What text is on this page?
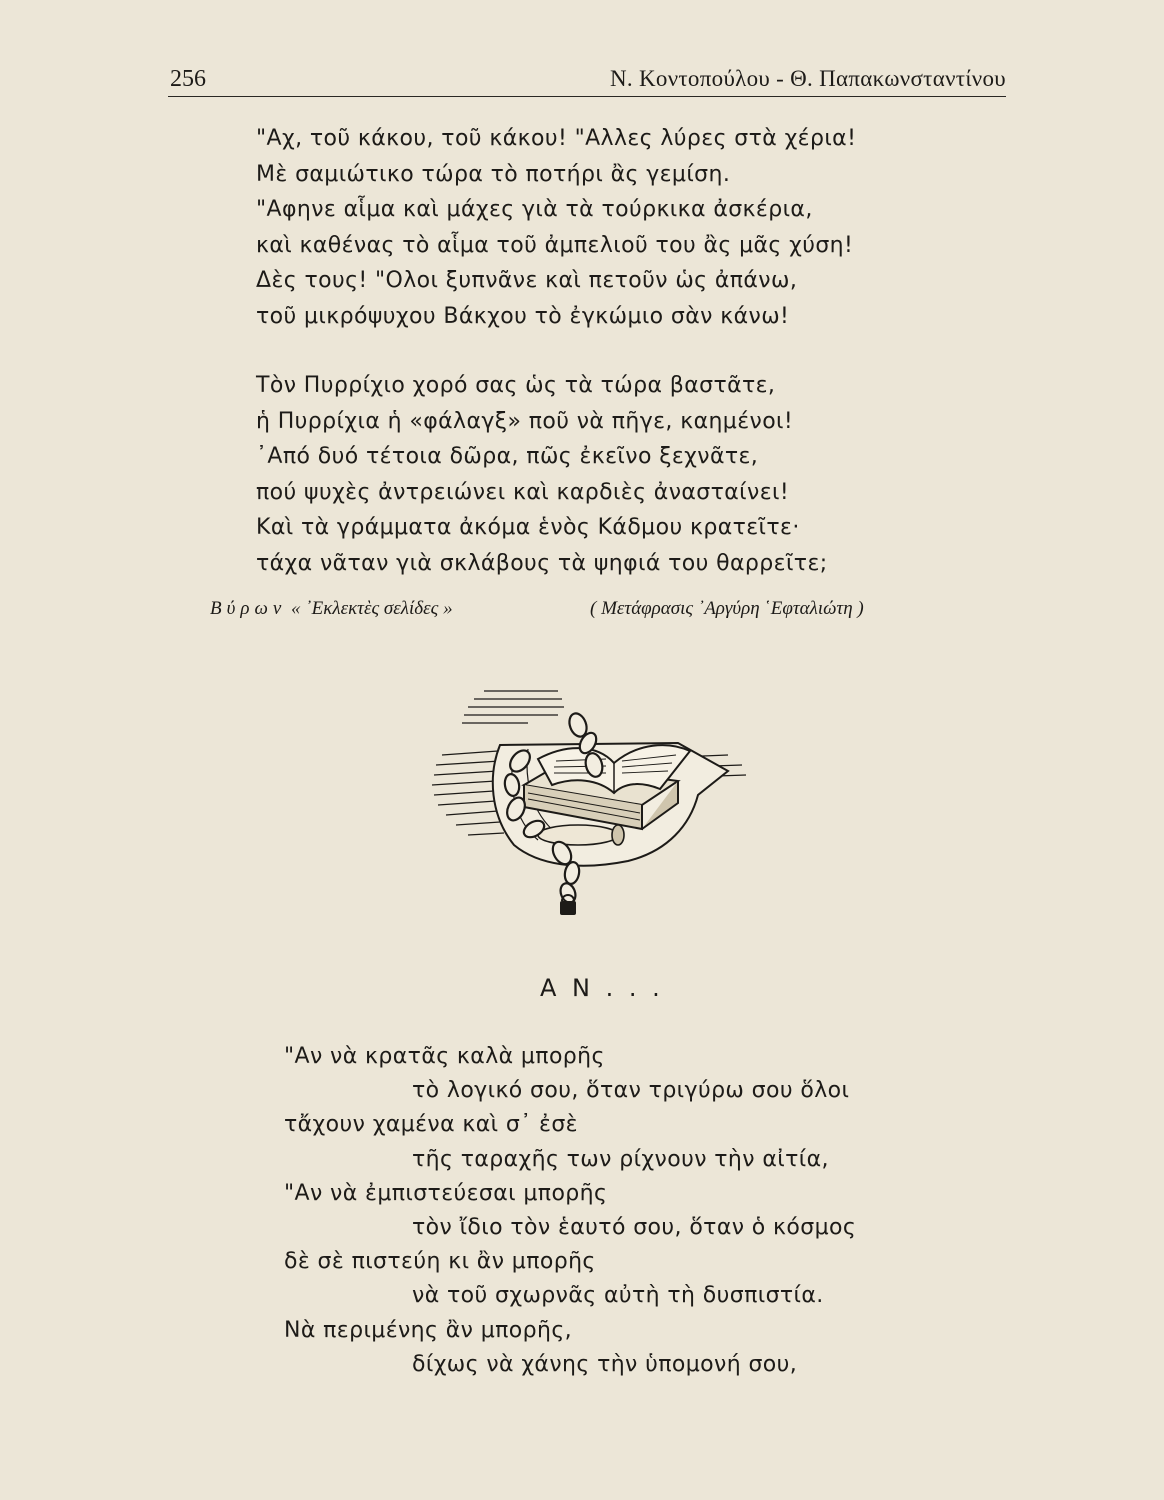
256	Ν. Κοντοπούλου - Θ. Παπακωνσταντίνου
"Αχ, τοῦ κάκου, τοῦ κάκου! "Αλλες λύρες στὰ χέρια!
Μὲ σαμιώτικο τώρα τὸ ποτήρι ἂς γεμίση.
"Αφηνε αἷμα καὶ μάχες γιὰ τὰ τούρκικα ἀσκέρια,
καὶ καθένας τὸ αἷμα τοῦ ἀμπελιοῦ του ἂς μᾶς χύση!
Δὲς τους! "Ολοι ξυπνᾶνε καὶ πετοῦν ὡς ἀπάνω,
τοῦ μικρόψυχου Βάκχου τὸ ἐγκώμιο σὰν κάνω!
Τὸν Πυρρίχιο χορό σας ὡς τὰ τώρα βαστᾶτε,
ἡ Πυρρίχια ἡ «φάλαγξ» ποῦ νὰ πῆγε, καημένοι!
᾿Από δυό τέτοια δῶρα, πῶς ἐκεῖνο ξεχνᾶτε,
πού ψυχὲς ἀντρειώνει καὶ καρδιὲς ἀνασταίνει!
Καὶ τὰ γράμματα ἀκόμα ἑνὸς Κάδμου κρατεῖτε·
τάχα νᾶταν γιὰ σκλάβους τὰ ψηφιά του θαρρεῖτε;
Βύρων « ᾿Εκλεκτὲς σελίδες »	( Μετάφρασις ᾿Αργύρη ῾Εφταλιώτη )
Α Ν . . .
"Αν νὰ κρατᾶς καλὰ μπορῆς
τὸ λογικό σου, ὅταν τριγύρω σου ὅλοι
τἄχουν χαμένα καὶ σ᾿ ἐσὲ
τῆς ταραχῆς των ρίχνουν τὴν αἰτία,
"Αν νὰ ἐμπιστεύεσαι μπορῆς
τὸν ἴδιο τὸν ἑαυτό σου, ὅταν ὁ κόσμος
δὲ σὲ πιστεύη κι ἂν μπορῆς
νὰ τοῦ σχωρνᾶς αὐτὴ τὴ δυσπιστία.
Νὰ περιμένης ἂν μπορῆς,
δίχως νὰ χάνης τὴν ὑπομονή σου,
